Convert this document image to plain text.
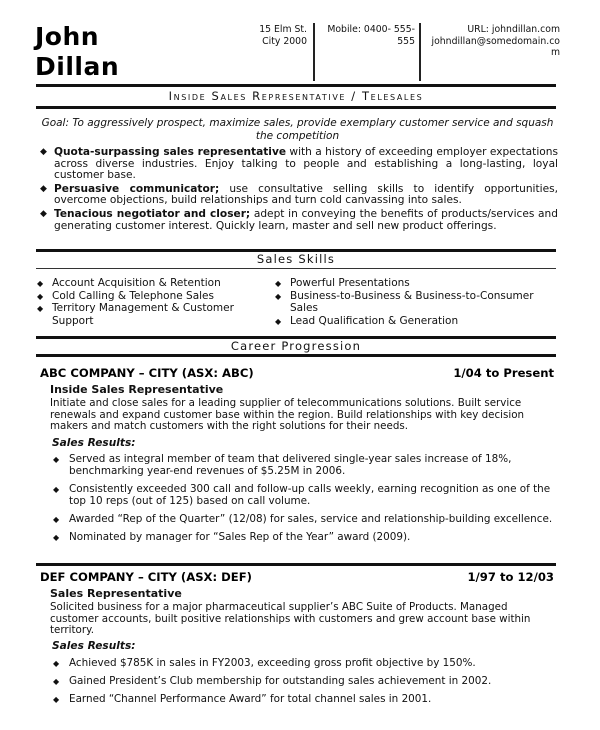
John
Dillan
15 Elm St. City 2000
Mobile: 0400- 555- 555
URL: johndillan.com
johndillan@somedomain.com
Inside Sales Representative / Telesales
Goal: To aggressively prospect, maximize sales, provide exemplary customer service and squash the competition
◆ Quota-surpassing sales representative with a history of exceeding employer expectations across diverse industries. Enjoy talking to people and establishing a long-lasting, loyal customer base.
◆ Persuasive communicator; use consultative selling skills to identify opportunities, overcome objections, build relationships and turn cold canvassing into sales.
◆ Tenacious negotiator and closer; adept in conveying the benefits of products/services and generating customer interest. Quickly learn, master and sell new product offerings.
Sales Skills
◆ Account Acquisition & Retention
◆ Cold Calling & Telephone Sales
◆ Territory Management & Customer Support
◆ Powerful Presentations
◆ Business-to-Business & Business-to-Consumer Sales
◆ Lead Qualification & Generation
Career Progression
ABC COMPANY – CITY (ASX: ABC)	1/04 to Present
Inside Sales Representative
Initiate and close sales for a leading supplier of telecommunications solutions. Built service renewals and expand customer base within the region. Build relationships with key decision makers and match customers with the right solutions for their needs.
Sales Results:
◆ Served as integral member of team that delivered single-year sales increase of 18%, benchmarking year-end revenues of $5.25M in 2006.
◆ Consistently exceeded 300 call and follow-up calls weekly, earning recognition as one of the top 10 reps (out of 125) based on call volume.
◆ Awarded “Rep of the Quarter” (12/08) for sales, service and relationship-building excellence.
◆ Nominated by manager for “Sales Rep of the Year” award (2009).
DEF COMPANY – CITY (ASX: DEF)	1/97 to 12/03
Sales Representative
Solicited business for a major pharmaceutical supplier’s ABC Suite of Products. Managed customer accounts, built positive relationships with customers and grew account base within territory.
Sales Results:
◆ Achieved $785K in sales in FY2003, exceeding gross profit objective by 150%.
◆ Gained President’s Club membership for outstanding sales achievement in 2002.
◆ Earned “Channel Performance Award” for total channel sales in 2001.
